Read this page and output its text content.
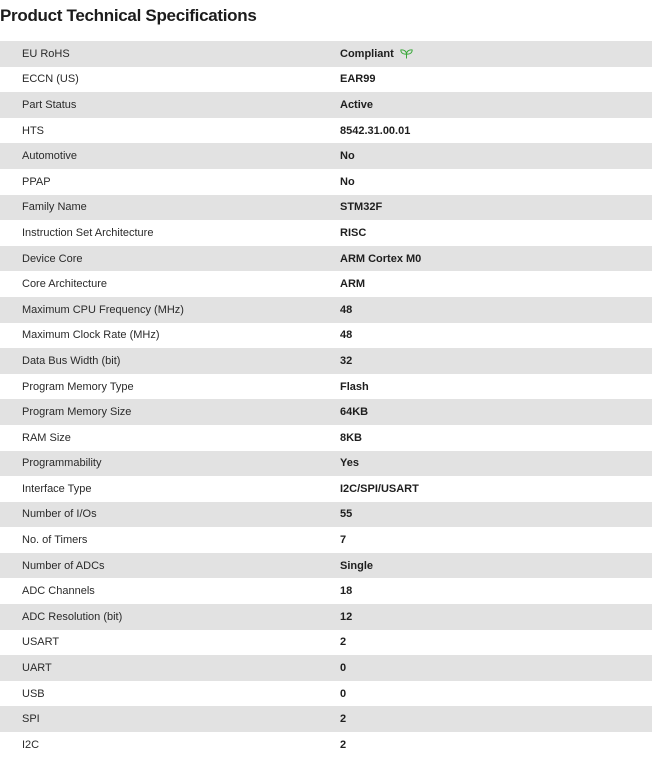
Product Technical Specifications
EU RoHS	Compliant
ECCN (US)	EAR99
Part Status	Active
HTS	8542.31.00.01
Automotive	No
PPAP	No
Family Name	STM32F
Instruction Set Architecture	RISC
Device Core	ARM Cortex M0
Core Architecture	ARM
Maximum CPU Frequency (MHz)	48
Maximum Clock Rate (MHz)	48
Data Bus Width (bit)	32
Program Memory Type	Flash
Program Memory Size	64KB
RAM Size	8KB
Programmability	Yes
Interface Type	I2C/SPI/USART
Number of I/Os	55
No. of Timers	7
Number of ADCs	Single
ADC Channels	18
ADC Resolution (bit)	12
USART	2
UART	0
USB	0
SPI	2
I2C	2
